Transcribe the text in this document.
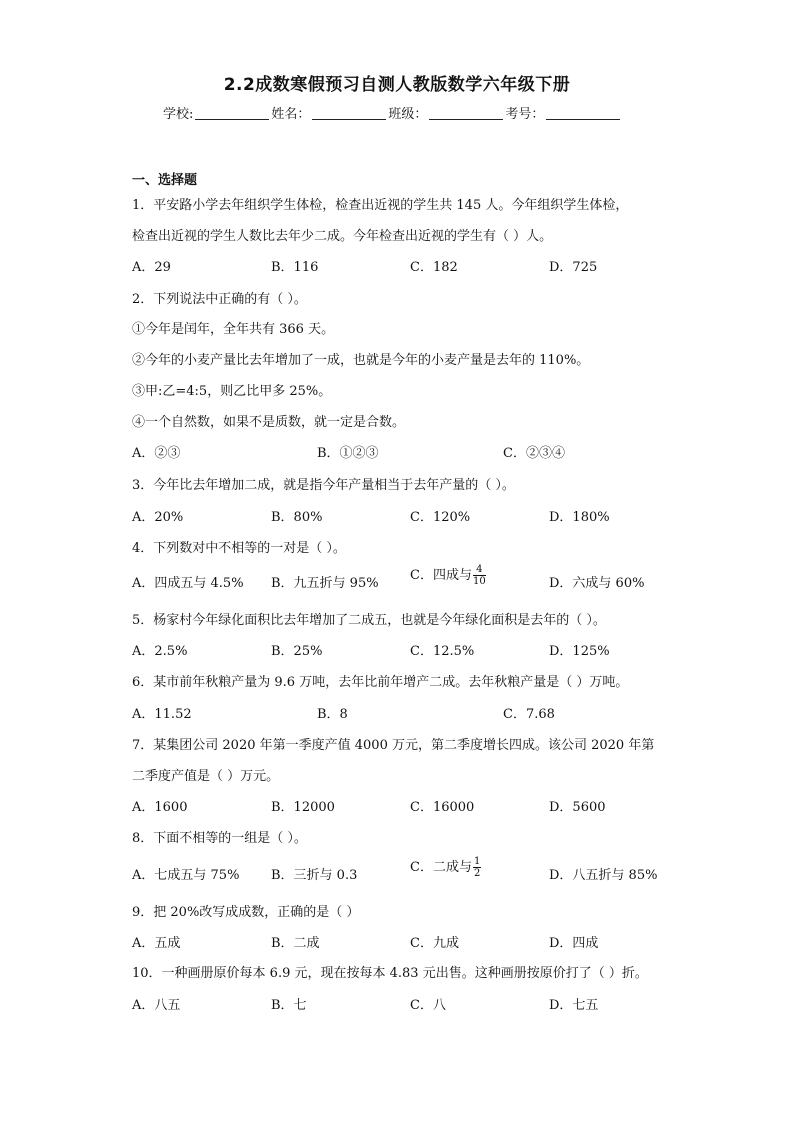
2.2成数寒假预习自测人教版数学六年级下册
学校:	姓名：	班级：	考号：
一、选择题
1．平安路小学去年组织学生体检，检查出近视的学生共 145 人。今年组织学生体检，
检查出近视的学生人数比去年少二成。今年检查出近视的学生有（ ）人。
A．29	B．116	C．182	D．725
2．下列说法中正确的有（ ）。
①今年是闰年，全年共有 366 天。
②今年的小麦产量比去年增加了一成，也就是今年的小麦产量是去年的 110%。
③甲:乙=4:5，则乙比甲多 25%。
④一个自然数，如果不是质数，就一定是合数。
A．②③	B．①②③	C．②③④
3．今年比去年增加二成，就是指今年产量相当于去年产量的（ ）。
A．20%	B．80%	C．120%	D．180%
4．下列数对中不相等的一对是（ ）。
A．四成五与 4.5% B．九五折与 95%
C．四成与 $\frac{4}{10}$	D．六成与 60%
5．杨家村今年绿化面积比去年增加了二成五，也就是今年绿化面积是去年的（ ）。
A．2.5%	B．25%	C．12.5%	D．125%
6．某市前年秋粮产量为 9.6 万吨，去年比前年增产二成。去年秋粮产量是（ ）万吨。
A．11.52	B．8	C．7.68
7．某集团公司 2020 年第一季度产值 4000 万元，第二季度增长四成。该公司 2020 年第
二季度产值是（ ）万元。
A．1600	B．12000	C．16000	D．5600
8．下面不相等的一组是（ ）。
A．七成五与 75% B．三折与 0.3
C．二成与 $\frac{1}{2}$	D．八五折与 85%
9．把 20%改写成成数，正确的是（ ）
A．五成	B．二成	C．九成	D．四成
10．一种画册原价每本 6.9 元，现在按每本 4.83 元出售。这种画册按原价打了（ ）折。
A．八五	B．七	C．八	D．七五
